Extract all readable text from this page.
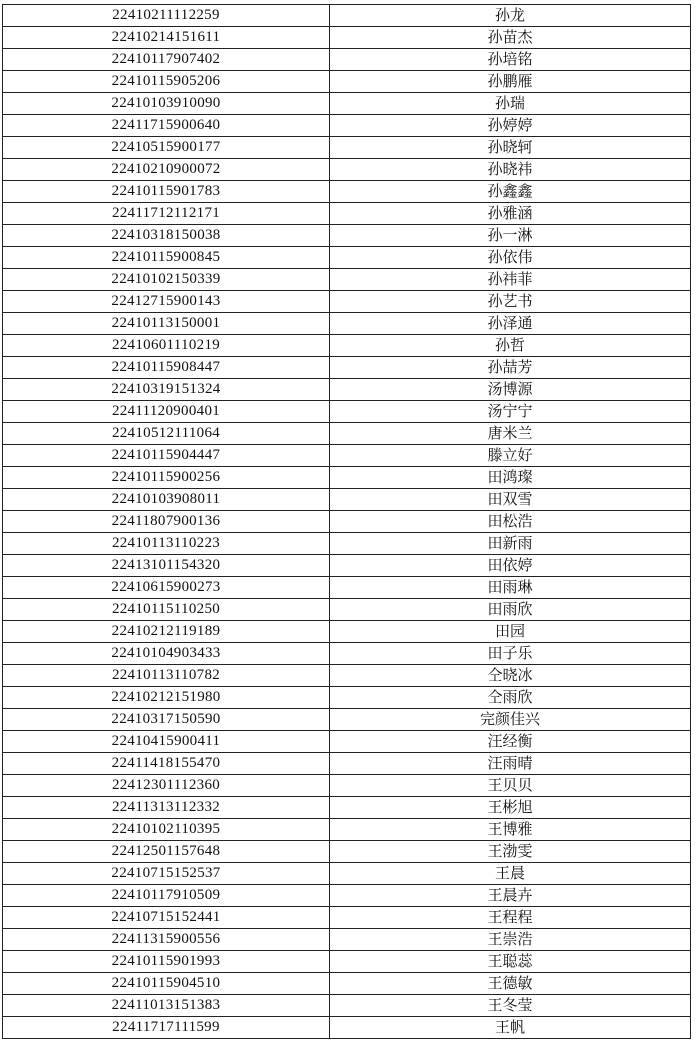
22410211112259	孙龙
22410214151611	孙苗杰
22410117907402	孙培铭
22410115905206	孙鹏雁
22410103910090	孙瑞
22411715900640	孙婷婷
22410515900177	孙晓轲
22410210900072	孙晓祎
22410115901783	孙鑫鑫
22411712112171	孙雅涵
22410318150038	孙一淋
22410115900845	孙依伟
22410102150339	孙祎菲
22412715900143	孙艺书
22410113150001	孙泽通
22410601110219	孙哲
22410115908447	孙喆芳
22410319151324	汤博源
22411120900401	汤宁宁
22410512111064	唐米兰
22410115904447	滕立好
22410115900256	田鸿璨
22410103908011	田双雪
22411807900136	田松浩
22410113110223	田新雨
22413101154320	田依婷
22410615900273	田雨琳
22410115110250	田雨欣
22410212119189	田园
22410104903433	田子乐
22410113110782	仝晓冰
22410212151980	仝雨欣
22410317150590	完颜佳兴
22410415900411	汪经衡
22411418155470	汪雨晴
22412301112360	王贝贝
22411313112332	王彬旭
22410102110395	王博雅
22412501157648	王渤雯
22410715152537	王晨
22410117910509	王晨卉
22410715152441	王程程
22411315900556	王崇浩
22410115901993	王聪蕊
22410115904510	王德敏
22411013151383	王冬莹
22411717111599	王帆
